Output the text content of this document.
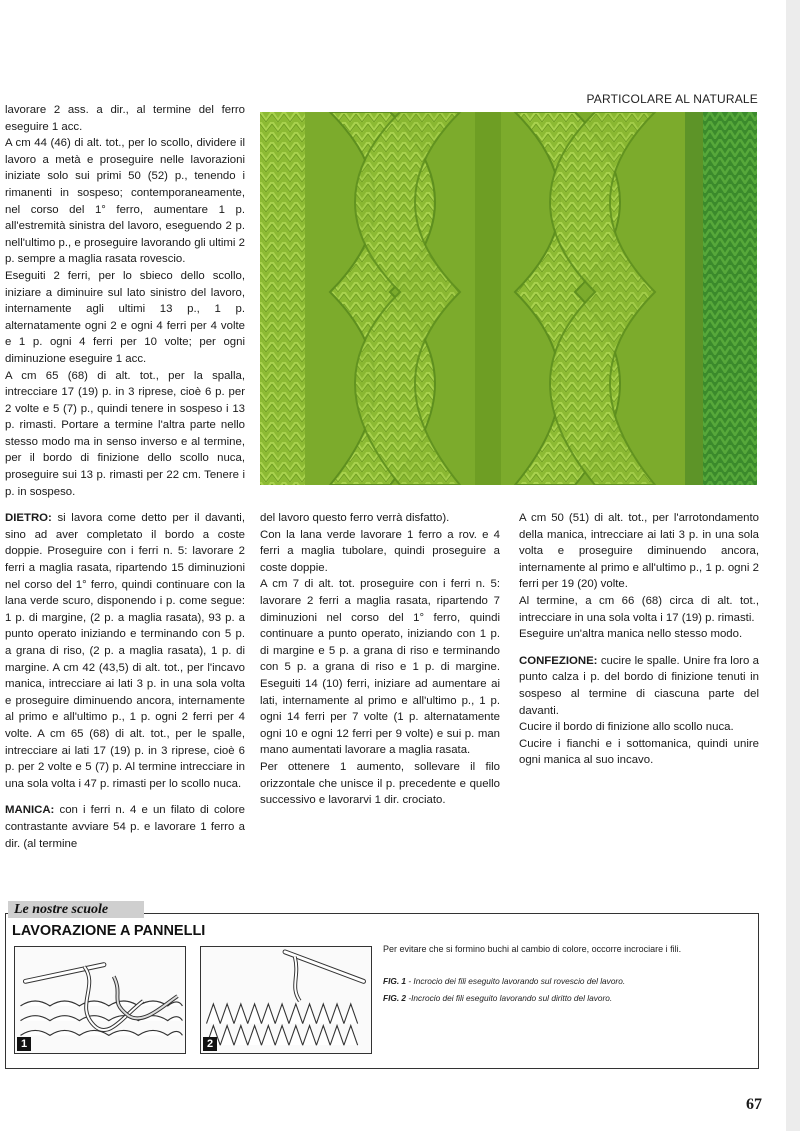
PARTICOLARE AL NATURALE

lavorare 2 ass. a dir., al termine del ferro eseguire 1 acc.

A cm 44 (46) di alt. tot., per lo scollo, dividere il lavoro a metà e proseguire nelle lavorazioni iniziate solo sui primi 50 (52) p., tenendo i rimanenti in sospeso; contemporaneamente, nel corso del 1° ferro, aumentare 1 p. all'estremità sinistra del lavoro, eseguendo 2 p. nell'ultimo p., e proseguire lavorando gli ultimi 2 p. sempre a maglia rasata rovescio.

Eseguiti 2 ferri, per lo sbieco dello scollo, iniziare a diminuire sul lato sinistro del lavoro, internamente agli ultimi 13 p., 1 p. alternatamente ogni 2 e ogni 4 ferri per 4 volte e 1 p. ogni 4 ferri per 10 volte; per ogni diminuzione eseguire 1 acc.

A cm 65 (68) di alt. tot., per la spalla, intrecciare 17 (19) p. in 3 riprese, cioè 6 p. per 2 volte e 5 (7) p., quindi tenere in sospeso i 13 p. rimasti. Portare a termine l'altra parte nello stesso modo ma in senso inverso e al termine, per il bordo di finizione dello scollo nuca, proseguire sui 13 p. rimasti per 22 cm. Tenere i p. in sospeso.

DIETRO: si lavora come detto per il davanti, sino ad aver completato il bordo a coste doppie. Proseguire con i ferri n. 5: lavorare 2 ferri a maglia rasata, ripartendo 15 diminuzioni nel corso del 1° ferro, quindi continuare con la lana verde scuro, disponendo i p. come segue: 1 p. di margine, (2 p. a maglia rasata), 93 p. a punto operato iniziando e terminando con 5 p. a grana di riso, (2 p. a maglia rasata), 1 p. di margine. A cm 42 (43,5) di alt. tot., per l'incavo manica, intrecciare ai lati 3 p. in una sola volta e proseguire diminuendo ancora, internamente al primo e all'ultimo p., 1 p. ogni 2 ferri per 4 volte. A cm 65 (68) di alt. tot., per le spalle, intrecciare ai lati 17 (19) p. in 3 riprese, cioè 6 p. per 2 volte e 5 (7) p. Al termine intrecciare in una sola volta i 47 p. rimasti per lo scollo nuca.

MANICA: con i ferri n. 4 e un filato di colore contrastante avviare 54 p. e lavorare 1 ferro a dir. (al termine

del lavoro questo ferro verrà disfatto).

Con la lana verde lavorare 1 ferro a rov. e 4 ferri a maglia tubolare, quindi proseguire a coste doppie.

A cm 7 di alt. tot. proseguire con i ferri n. 5: lavorare 2 ferri a maglia rasata, ripartendo 7 diminuzioni nel corso del 1° ferro, quindi continuare a punto operato, iniziando con 1 p. di margine e 5 p. a grana di riso e terminando con 5 p. a grana di riso e 1 p. di margine. Eseguiti 14 (10) ferri, iniziare ad aumentare ai lati, internamente al primo e all'ultimo p., 1 p. ogni 14 ferri per 7 volte (1 p. alternatamente ogni 10 e ogni 12 ferri per 9 volte) e sui p. man mano aumentati lavorare a maglia rasata.

Per ottenere 1 aumento, sollevare il filo orizzontale che unisce il p. precedente e quello successivo e lavorarvi 1 dir. crociato.

A cm 50 (51) di alt. tot., per l'arrotondamento della manica, intrecciare ai lati 3 p. in una sola volta e proseguire diminuendo ancora, internamente al primo e all'ultimo p., 1 p. ogni 2 ferri per 19 (20) volte.

Al termine, a cm 66 (68) circa di alt. tot., intrecciare in una sola volta i 17 (19) p. rimasti.

Eseguire un'altra manica nello stesso modo.

CONFEZIONE: cucire le spalle. Unire fra loro a punto calza i p. del bordo di finizione tenuti in sospeso al termine di ciascuna parte del davanti.

Cucire il bordo di finizione allo scollo nuca.

Cucire i fianchi e i sottomanica, quindi unire ogni manica al suo incavo.

Le nostre scuole
LAVORAZIONE A PANNELLI
1	2
Per evitare che si formino buchi al cambio di colore, occorre incrociare i fili.
FIG. 1 - Incrocio dei fili eseguito lavorando sul rovescio del lavoro.
FIG. 2 -Incrocio dei fili eseguito lavorando sul diritto del lavoro.
67
